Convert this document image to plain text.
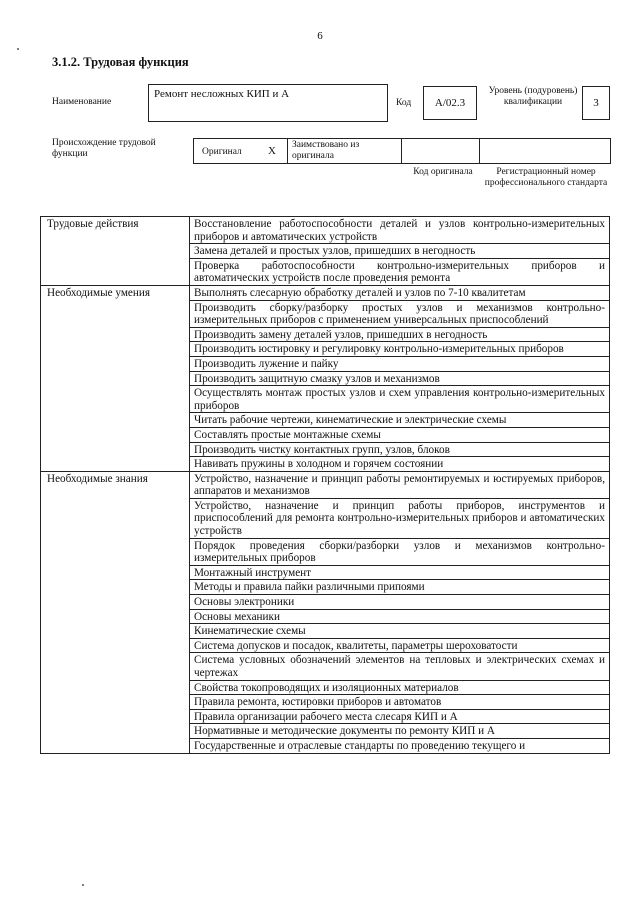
6
3.1.2. Трудовая функция
Наименование
Ремонт несложных КИП и А
Код	A/02.3
Уровень (подуровень) квалификации	3
Происхождение трудовой функции	Оригинал X Заимствовано из оригинала
Код оригинала	Регистрационный номер профессионального стандарта
Трудовые действия	Восстановление работоспособности деталей и узлов контрольно-измерительных приборов и автоматических устройств
	Замена деталей и простых узлов, пришедших в негодность
	Проверка работоспособности контрольно-измерительных приборов и автоматических устройств после проведения ремонта
Необходимые умения	Выполнять слесарную обработку деталей и узлов по 7-10 квалитетам
	Производить сборку/разборку простых узлов и механизмов контрольно-измерительных приборов с применением универсальных приспособлений
	Производить замену деталей узлов, пришедших в негодность
	Производить юстировку и регулировку контрольно-измерительных приборов
	Производить лужение и пайку
	Производить защитную смазку узлов и механизмов
	Осуществлять монтаж простых узлов и схем управления контрольно-измерительных приборов
	Читать рабочие чертежи, кинематические и электрические схемы
	Составлять простые монтажные схемы
	Производить чистку контактных групп, узлов, блоков
	Навивать пружины в холодном и горячем состоянии
Необходимые знания	Устройство, назначение и принцип работы ремонтируемых и юстируемых приборов, аппаратов и механизмов
	Устройство, назначение и принцип работы приборов, инструментов и приспособлений для ремонта контрольно-измерительных приборов и автоматических устройств
	Порядок проведения сборки/разборки узлов и механизмов контрольно-измерительных приборов
	Монтажный инструмент
	Методы и правила пайки различными припоями
	Основы электроники
	Основы механики
	Кинематические схемы
	Система допусков и посадок, квалитеты, параметры шероховатости
	Система условных обозначений элементов на тепловых и электрических схемах и чертежах
	Свойства токопроводящих и изоляционных материалов
	Правила ремонта, юстировки приборов и автоматов
	Правила организации рабочего места слесаря КИП и А
	Нормативные и методические документы по ремонту КИП и А
	Государственные и отраслевые стандарты по проведению текущего и
